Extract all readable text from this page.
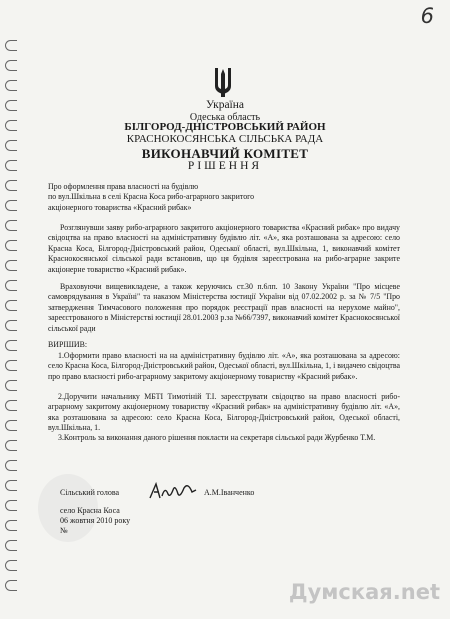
6
Україна
Одеська область
БІЛГОРОД-ДНІСТРОВСЬКИЙ РАЙОН
КРАСНОКОСЯНСЬКА СІЛЬСЬКА РАДА
ВИКОНАВЧИЙ КОМІТЕТ
РІШЕННЯ
Про оформлення права власності на будівлю
по вул.Шкільна в селі Красна Коса рибо-аграрного закритого
акціонерного товариства «Красний рибак»
Розглянувши заяву рибо-аграрного закритого акціонерного товариства «Красний рибак» про видачу свідоцтва на право власності на адміністративну будівлю літ. «А», яка розташована за адресою: село Красна Коса, Білгород-Дністровський район, Одеської області, вул.Шкільна, 1, виконавчий комітет Краснокосянської сільської ради встановив, що ця будівля зареєстрована на рибо-аграрне закрите акціонерне товариство «Красний рибак».
Враховуючи вищевикладене, а також керуючись ст.30 п.6лп. 10 Закону України "Про місцеве самоврядування в Україні" та наказом Міністерства юстиції України від 07.02.2002 р. за № 7/5 "Про затвердження Тимчасового положення про порядок реєстрації прав власності на нерухоме майно", зареєстрованого в Міністерстві юстиції 28.01.2003 р.за №66/7397, виконавчий комітет Краснокосянської сільської ради
ВИРІШИВ:
1.Оформити право власності на на адміністративну будівлю літ. «А», яка розташована за адресою: село Красна Коса, Білгород-Дністровський район, Одеської області, вул.Шкільна, 1, і видачею свідоцтва про право власності рибо-аграрному закритому акціонерному товариству «Красний рибак».
2.Доручити начальнику МБТІ Тимотіній Т.І. зареєструвати свідоцтво на право власності рибо-аграрному закритому акціонерному товариству «Красний рибак» на адміністративну будівлю літ. «А», яка розташована за адресою: село Красна Коса, Білгород-Дністровський район, Одеської області, вул.Шкільна, 1.
3.Контроль за виконання даного рішення покласти на секретаря сільської ради Журбенко Т.М.
Сільський голова	А.М.Іванченко
село Красна Коса
06 жовтня 2010 року
№
Думская.net
